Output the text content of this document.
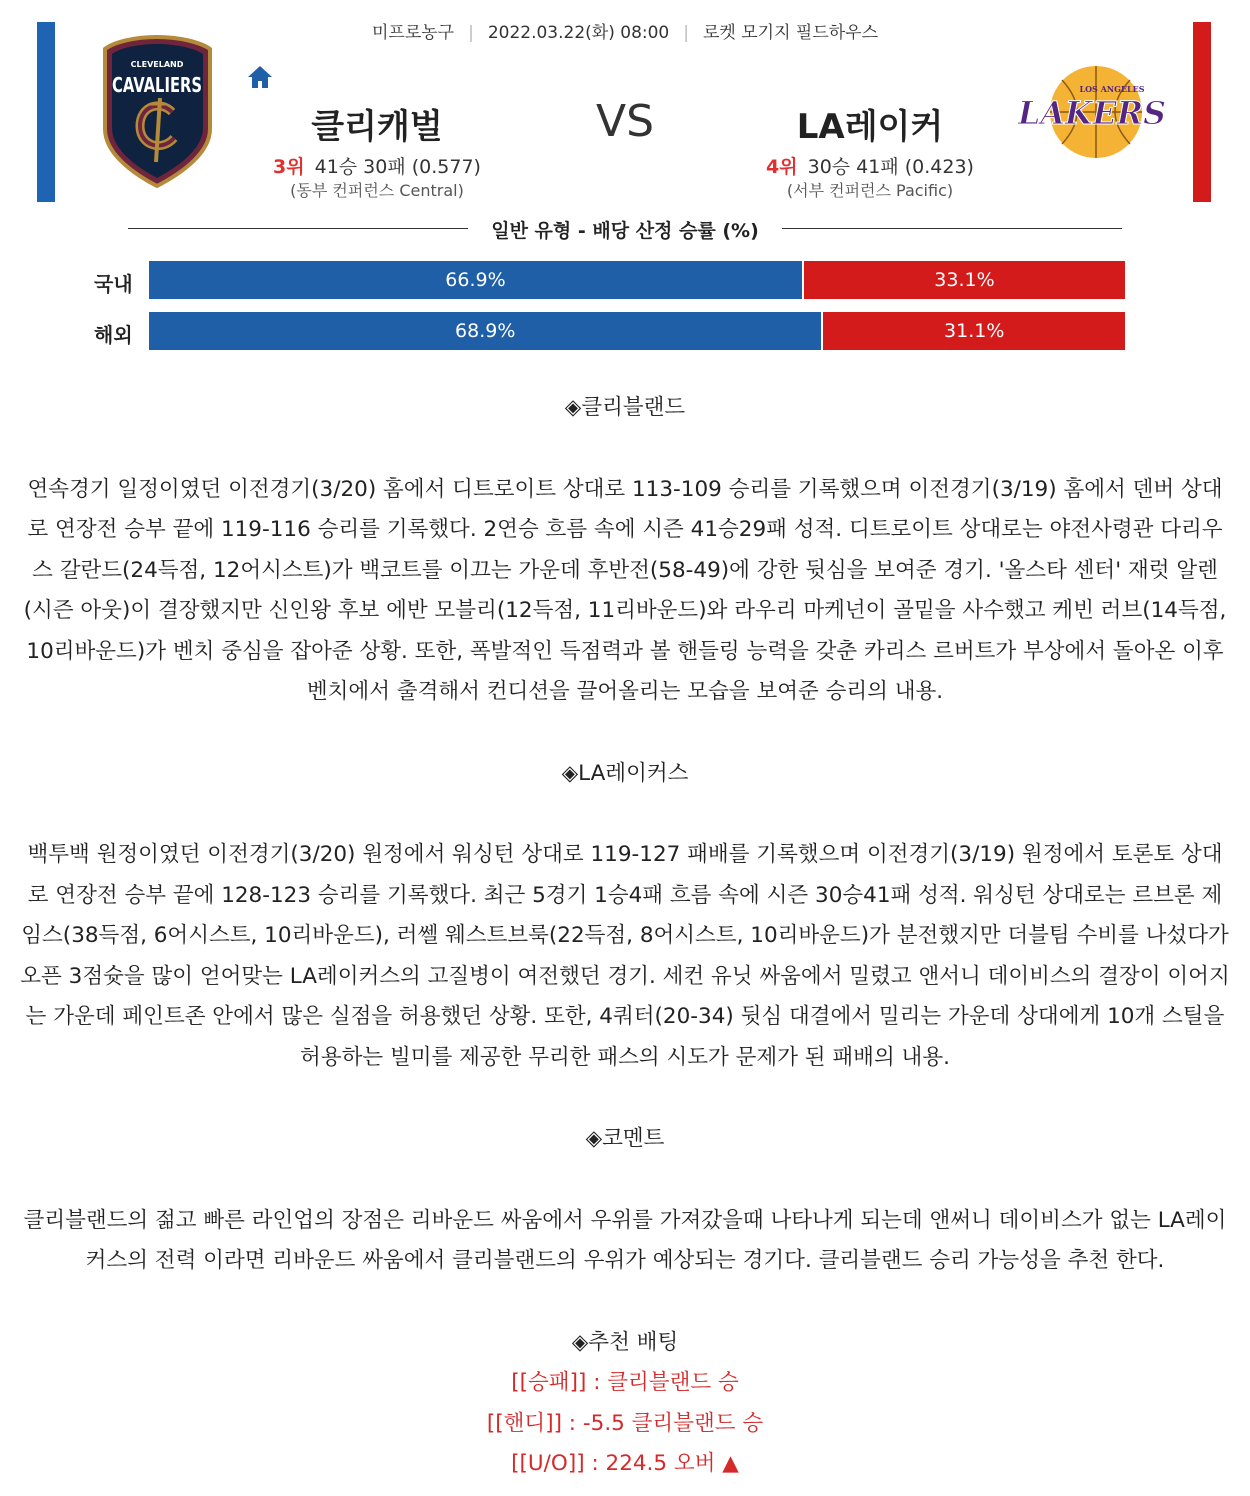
미프로농구 | 2022.03.22(화) 08:00 | 로켓 모기지 필드하우스
CLEVELAND
CAVALIERS
클리캐벌	VS	LA레이커
3위 41승 30패 (0.577)
(동부 컨퍼런스 Central)
4위 30승 41패 (0.423)
(서부 컨퍼런스 Pacific)
LOS ANGELES
LAKERS
일반 유형 - 배당 산정 승률 (%)
국내	66.9%	33.1%
해외	68.9%	31.1%

◈클리블랜드

연속경기 일정이였던 이전경기(3/20) 홈에서 디트로이트 상대로 113-109 승리를 기록했으며 이전경기(3/19) 홈에서 덴버 상대로 연장전 승부 끝에 119-116 승리를 기록했다. 2연승 흐름 속에 시즌 41승29패 성적. 디트로이트 상대로는 야전사령관 다리우스 갈란드(24득점, 12어시스트)가 백코트를 이끄는 가운데 후반전(58-49)에 강한 뒷심을 보여준 경기. '올스타 센터' 재럿 알렌(시즌 아웃)이 결장했지만 신인왕 후보 에반 모블리(12득점, 11리바운드)와 라우리 마케넌이 골밑을 사수했고 케빈 러브(14득점, 10리바운드)가 벤치 중심을 잡아준 상황. 또한, 폭발적인 득점력과 볼 핸들링 능력을 갖춘 카리스 르버트가 부상에서 돌아온 이후 벤치에서 출격해서 컨디션을 끌어올리는 모습을 보여준 승리의 내용.

◈LA레이커스

백투백 원정이였던 이전경기(3/20) 원정에서 워싱턴 상대로 119-127 패배를 기록했으며 이전경기(3/19) 원정에서 토론토 상대로 연장전 승부 끝에 128-123 승리를 기록했다. 최근 5경기 1승4패 흐름 속에 시즌 30승41패 성적. 워싱턴 상대로는 르브론 제임스(38득점, 6어시스트, 10리바운드), 러쎌 웨스트브룩(22득점, 8어시스트, 10리바운드)가 분전했지만 더블팀 수비를 나섰다가 오픈 3점슛을 많이 얻어맞는 LA레이커스의 고질병이 여전했던 경기. 세컨 유닛 싸움에서 밀렸고 앤서니 데이비스의 결장이 이어지는 가운데 페인트존 안에서 많은 실점을 허용했던 상황. 또한, 4쿼터(20-34) 뒷심 대결에서 밀리는 가운데 상대에게 10개 스틸을 허용하는 빌미를 제공한 무리한 패스의 시도가 문제가 된 패배의 내용.

◈코멘트

클리블랜드의 젊고 빠른 라인업의 장점은 리바운드 싸움에서 우위를 가져갔을때 나타나게 되는데 앤써니 데이비스가 없는 LA레이커스의 전력 이라면 리바운드 싸움에서 클리블랜드의 우위가 예상되는 경기다. 클리블랜드 승리 가능성을 추천 한다.

◈추천 배팅

[[승패]] : 클리블랜드 승

[[핸디]] : -5.5 클리블랜드 승

[[U/O]] : 224.5 오버 ▲
